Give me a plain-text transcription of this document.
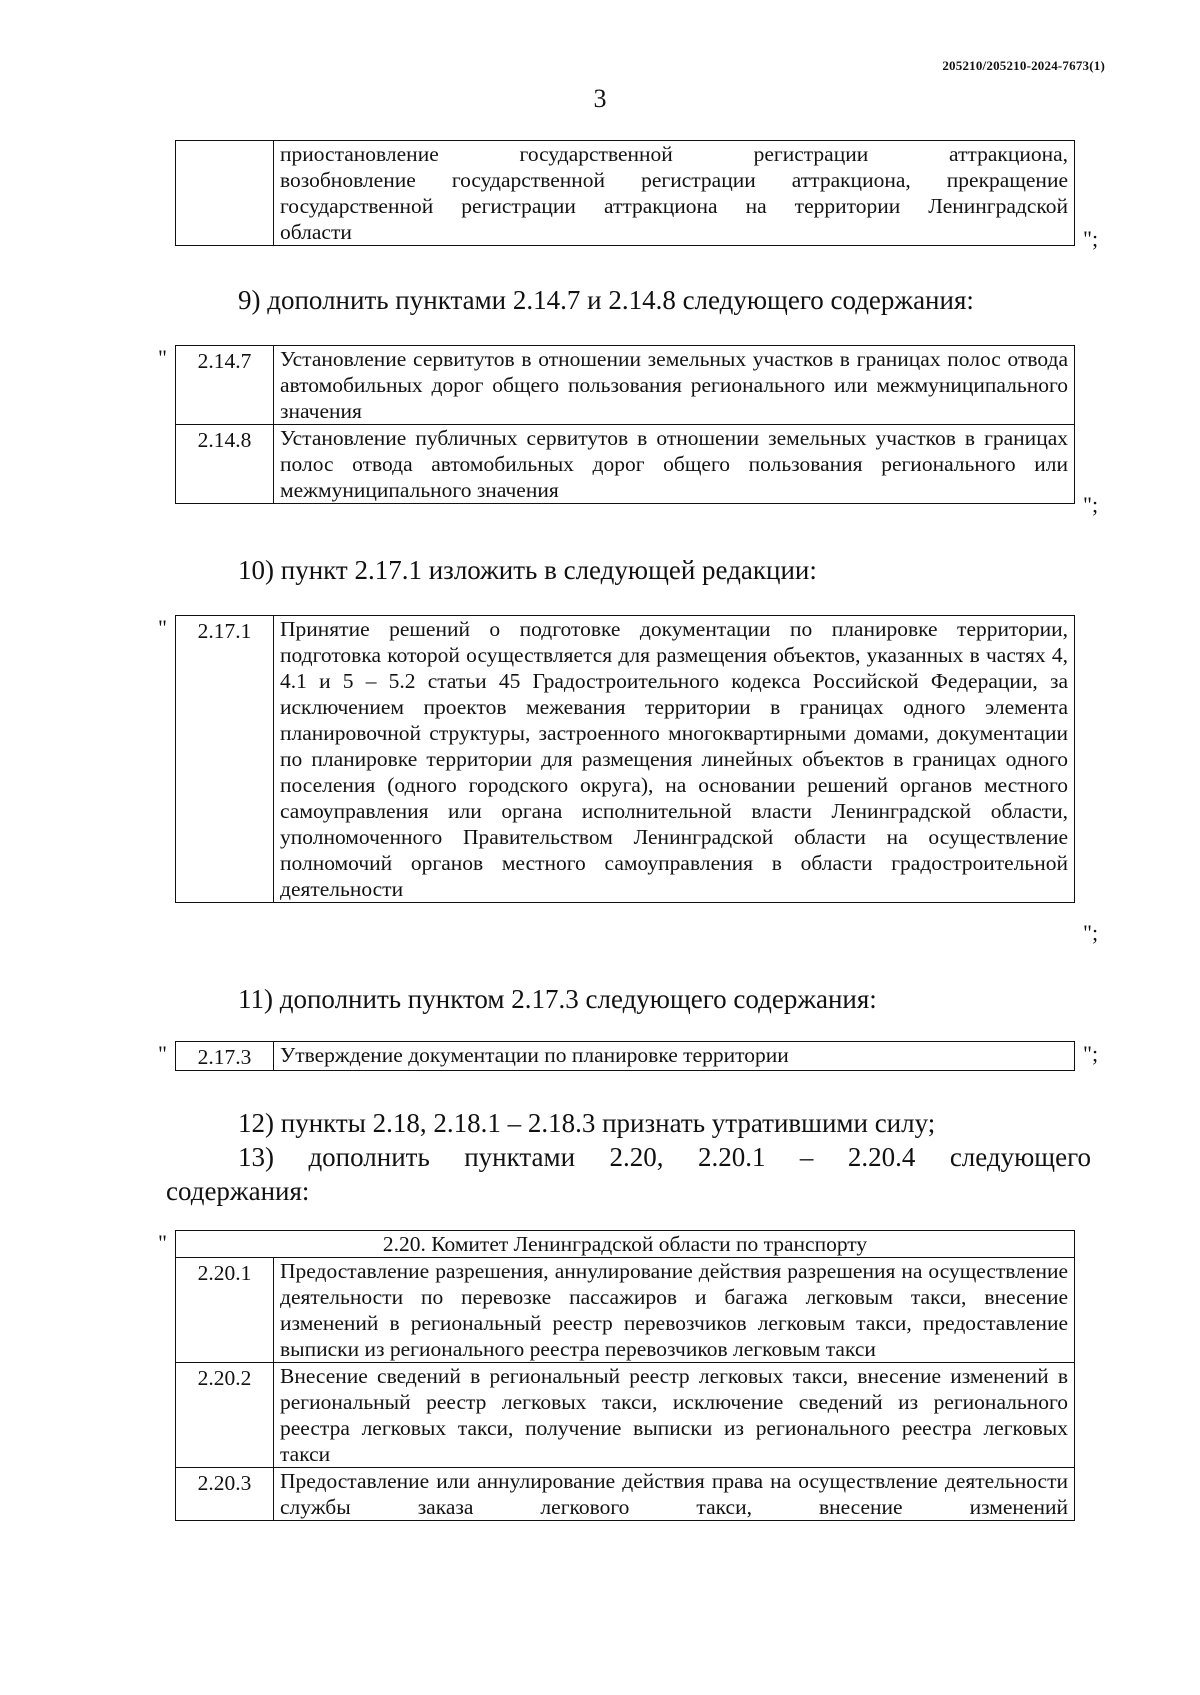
205210/205210-2024-7673(1)
3

приостановление государственной регистрации аттракциона,
возобновление государственной регистрации аттракциона, прекращение
государственной регистрации аттракциона на территории Ленинградской
области	";
9) дополнить пунктами 2.14.7 и 2.14.8 следующего содержания:
" 2.14.7	Установление сервитутов в отношении земельных участков в границах полос отвода автомобильных дорог общего пользования регионального или межмуниципального значения
2.14.8	Установление публичных сервитутов в отношении земельных участков в границах полос отвода автомобильных дорог общего пользования регионального или межмуниципального значения
";
10) пункт 2.17.1 изложить в следующей редакции:
" 2.17.1	Принятие решений о подготовке документации по планировке территории, подготовка которой осуществляется для размещения объектов, указанных в частях 4, 4.1 и 5 – 5.2 статьи 45 Градостроительного кодекса Российской Федерации, за исключением проектов межевания территории в границах одного элемента планировочной структуры, застроенного многоквартирными домами, документации по планировке территории для размещения линейных объектов в границах одного поселения (одного городского округа), на основании решений органов местного самоуправления или органа исполнительной власти Ленинградской области, уполномоченного Правительством Ленинградской области на осуществление полномочий органов местного самоуправления в области градостроительной деятельности
";
11) дополнить пунктом 2.17.3 следующего содержания:
" 2.17.3	Утверждение документации по планировке территории	";
12) пункты 2.18, 2.18.1 – 2.18.3 признать утратившими силу;
13) дополнить пунктами 2.20, 2.20.1 – 2.20.4 следующего
содержания:
"	2.20. Комитет Ленинградской области по транспорту	
2.20.1	Предоставление разрешения, аннулирование действия разрешения на осуществление деятельности по перевозке пассажиров и багажа легковым такси, внесение изменений в региональный реестр перевозчиков легковым такси, предоставление выписки из регионального реестра перевозчиков легковым такси
2.20.2	Внесение сведений в региональный реестр легковых такси, внесение изменений в региональный реестр легковых такси, исключение сведений из регионального реестра легковых такси, получение выписки из регионального реестра легковых такси
2.20.3	Предоставление или аннулирование действия права на осуществление деятельности службы заказа легкового такси, внесение изменений
